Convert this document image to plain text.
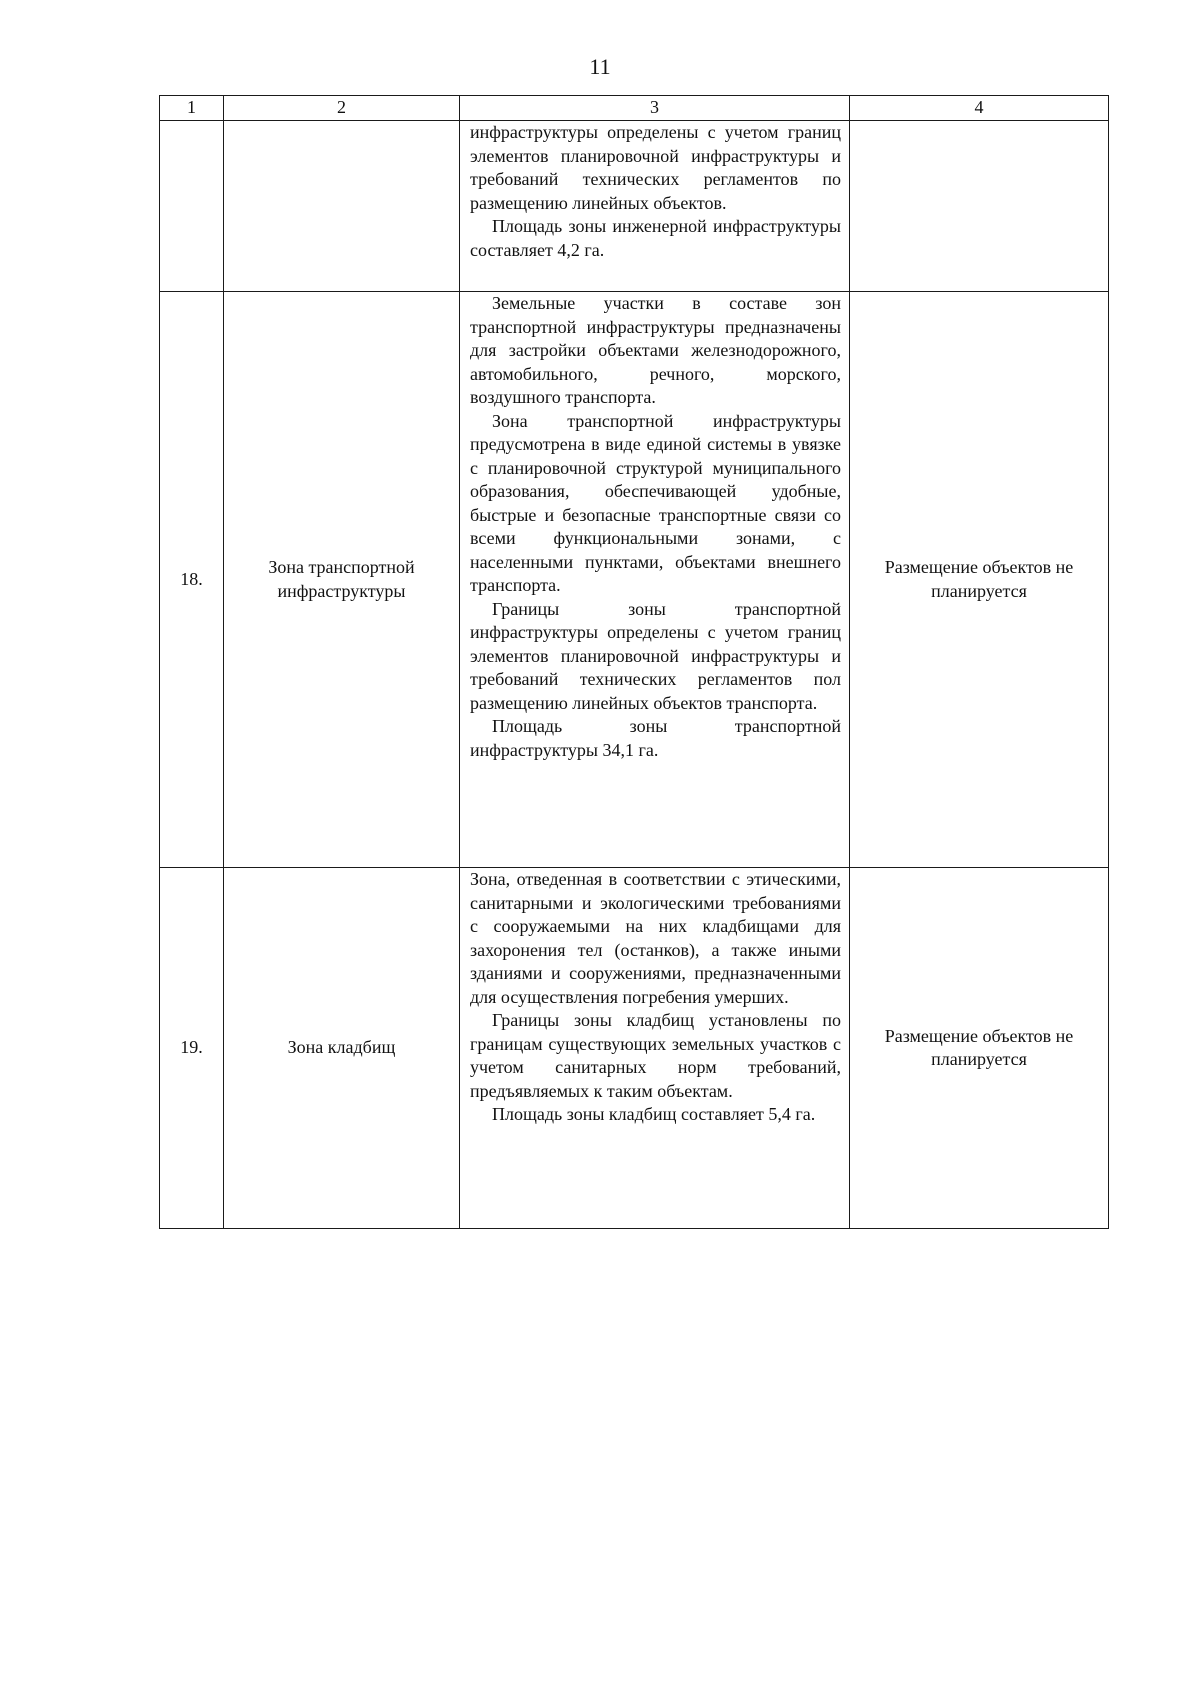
11
1	2	3	4

		инфраструктуры определены с учетом границ элементов планировочной инфраструктуры и требований технических регламентов по размещению линейных объектов.

Площадь зоны инженерной инфраструктуры составляет 4,2 га.	

18.	Зона транспортной инфраструктуры	Земельные участки в составе зон транспортной инфраструктуры предназначены для застройки объектами железнодорожного, автомобильного, речного, морского, воздушного транспорта.

Зона транспортной инфраструктуры предусмотрена в виде единой системы в увязке с планировочной структурой муниципального образования, обеспечивающей удобные, быстрые и безопасные транспортные связи со всеми функциональными зонами, с населенными пунктами, объектами внешнего транспорта.

Границы зоны транспортной инфраструктуры определены с учетом границ элементов планировочной инфраструктуры и требований технических регламентов пол размещению линейных объектов транспорта.

Площадь зоны транспортной инфраструктуры 34,1 га.	Размещение объектов не планируется

19.	Зона кладбищ	Зона, отведенная в соответствии с этическими, санитарными и экологическими требованиями с сооружаемыми на них кладбищами для захоронения тел (останков), а также иными зданиями и сооружениями, предназначенными для осуществления погребения умерших.

Границы зоны кладбищ установлены по границам существующих земельных участков с учетом санитарных норм требований, предъявляемых к таким объектам.

Площадь зоны кладбищ составляет 5,4 га.	Размещение объектов не планируется
